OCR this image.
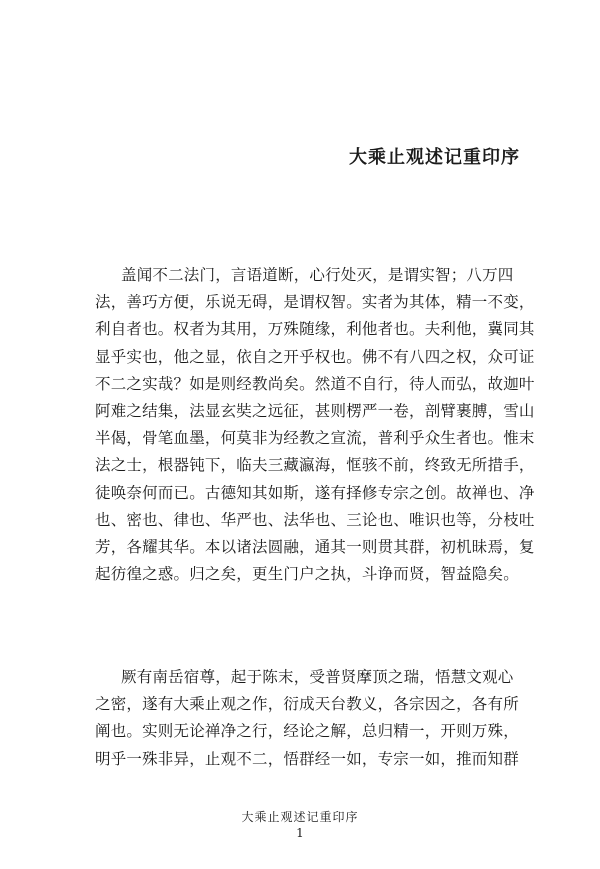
大乘止观述记重印序
盖闻不二法门，言语道断，心行处灭，是谓实智；八万四
法，善巧方便，乐说无碍，是谓权智。实者为其体，精一不变，
利自者也。权者为其用，万殊随缘，利他者也。夫利他，冀同其
显乎实也，他之显，依自之开乎权也。佛不有八四之权，众可证
不二之实哉？如是则经教尚矣。然道不自行，待人而弘，故迦叶
阿难之结集，法显玄奘之远征，甚则楞严一卷，剖臂裹膊，雪山
半偈，骨笔血墨，何莫非为经教之宣流，普利乎众生者也。惟末
法之士，根器钝下，临夫三藏瀛海，恇骇不前，终致无所措手，
徒唤奈何而已。古德知其如斯，遂有择修专宗之创。故禅也、净
也、密也、律也、华严也、法华也、三论也、唯识也等，分枝吐
芳，各耀其华。本以诸法圆融，通其一则贯其群，初机昧焉，复
起彷徨之惑。归之矣，更生门户之执，斗诤而贤，智益隐矣。
厥有南岳宿尊，起于陈末，受普贤摩顶之瑞，悟慧文观心
之密，遂有大乘止观之作，衍成天台教义，各宗因之，各有所
阐也。实则无论禅净之行，经论之解，总归精一，开则万殊，
明乎一殊非异，止观不二，悟群经一如，专宗一如，推而知群

大乘止观述记重印序

1
